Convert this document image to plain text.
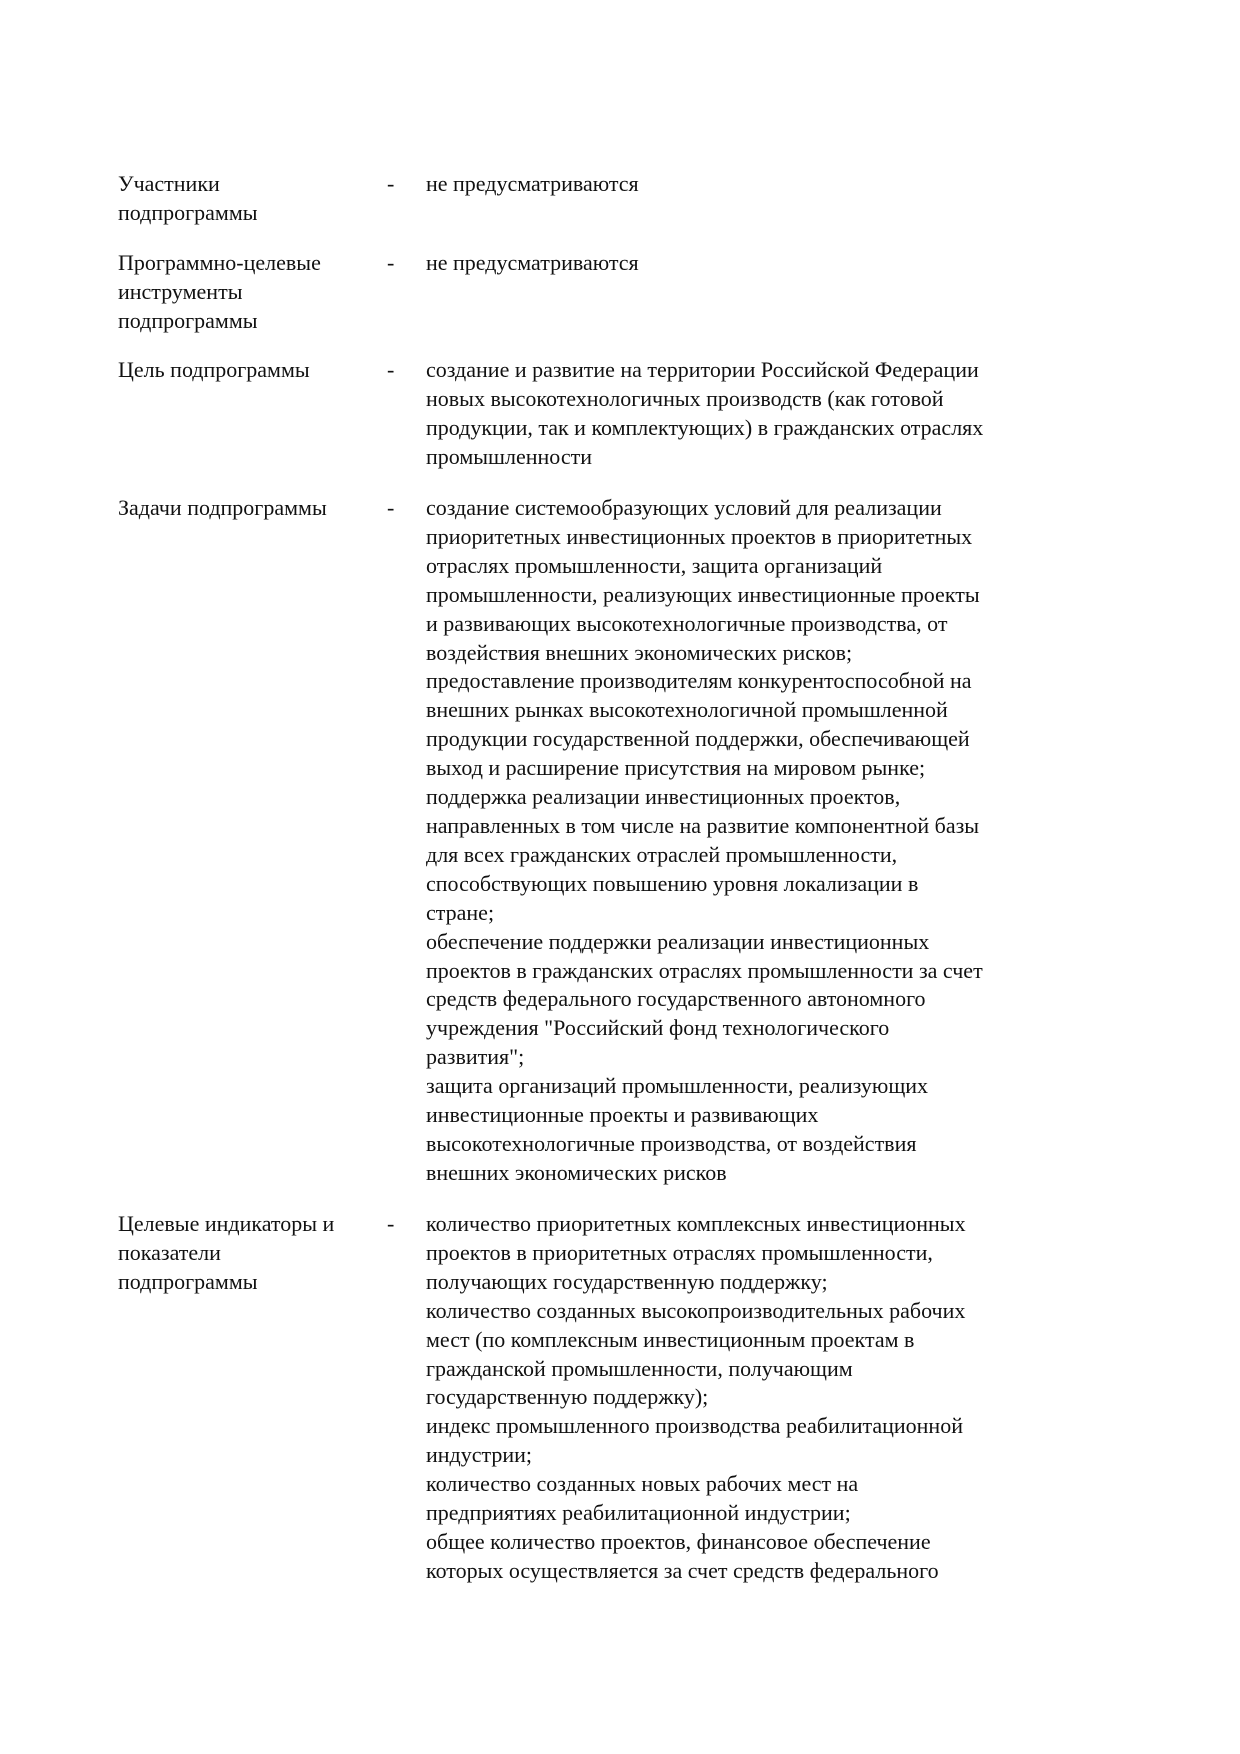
Участники
подпрограммы
- не предусматриваются
Программно-целевые
инструменты
подпрограммы
- не предусматриваются
Цель подпрограммы	- создание и развитие на территории Российской Федерации
новых высокотехнологичных производств (как готовой
продукции, так и комплектующих) в гражданских отраслях
промышленности
Задачи подпрограммы	- создание системообразующих условий для реализации
приоритетных инвестиционных проектов в приоритетных
отраслях промышленности, защита организаций
промышленности, реализующих инвестиционные проекты
и развивающих высокотехнологичные производства, от
воздействия внешних экономических рисков;
предоставление производителям конкурентоспособной на
внешних рынках высокотехнологичной промышленной
продукции государственной поддержки, обеспечивающей
выход и расширение присутствия на мировом рынке;
поддержка реализации инвестиционных проектов,
направленных в том числе на развитие компонентной базы
для всех гражданских отраслей промышленности,
способствующих повышению уровня локализации в
стране;
обеспечение поддержки реализации инвестиционных
проектов в гражданских отраслях промышленности за счет
средств федерального государственного автономного
учреждения "Российский фонд технологического
развития";
защита организаций промышленности, реализующих
инвестиционные проекты и развивающих
высокотехнологичные производства, от воздействия
внешних экономических рисков
Целевые индикаторы и
показатели
подпрограммы
- количество приоритетных комплексных инвестиционных
проектов в приоритетных отраслях промышленности,
получающих государственную поддержку;
количество созданных высокопроизводительных рабочих
мест (по комплексным инвестиционным проектам в
гражданской промышленности, получающим
государственную поддержку);
индекс промышленного производства реабилитационной
индустрии;
количество созданных новых рабочих мест на
предприятиях реабилитационной индустрии;
общее количество проектов, финансовое обеспечение
которых осуществляется за счет средств федерального
